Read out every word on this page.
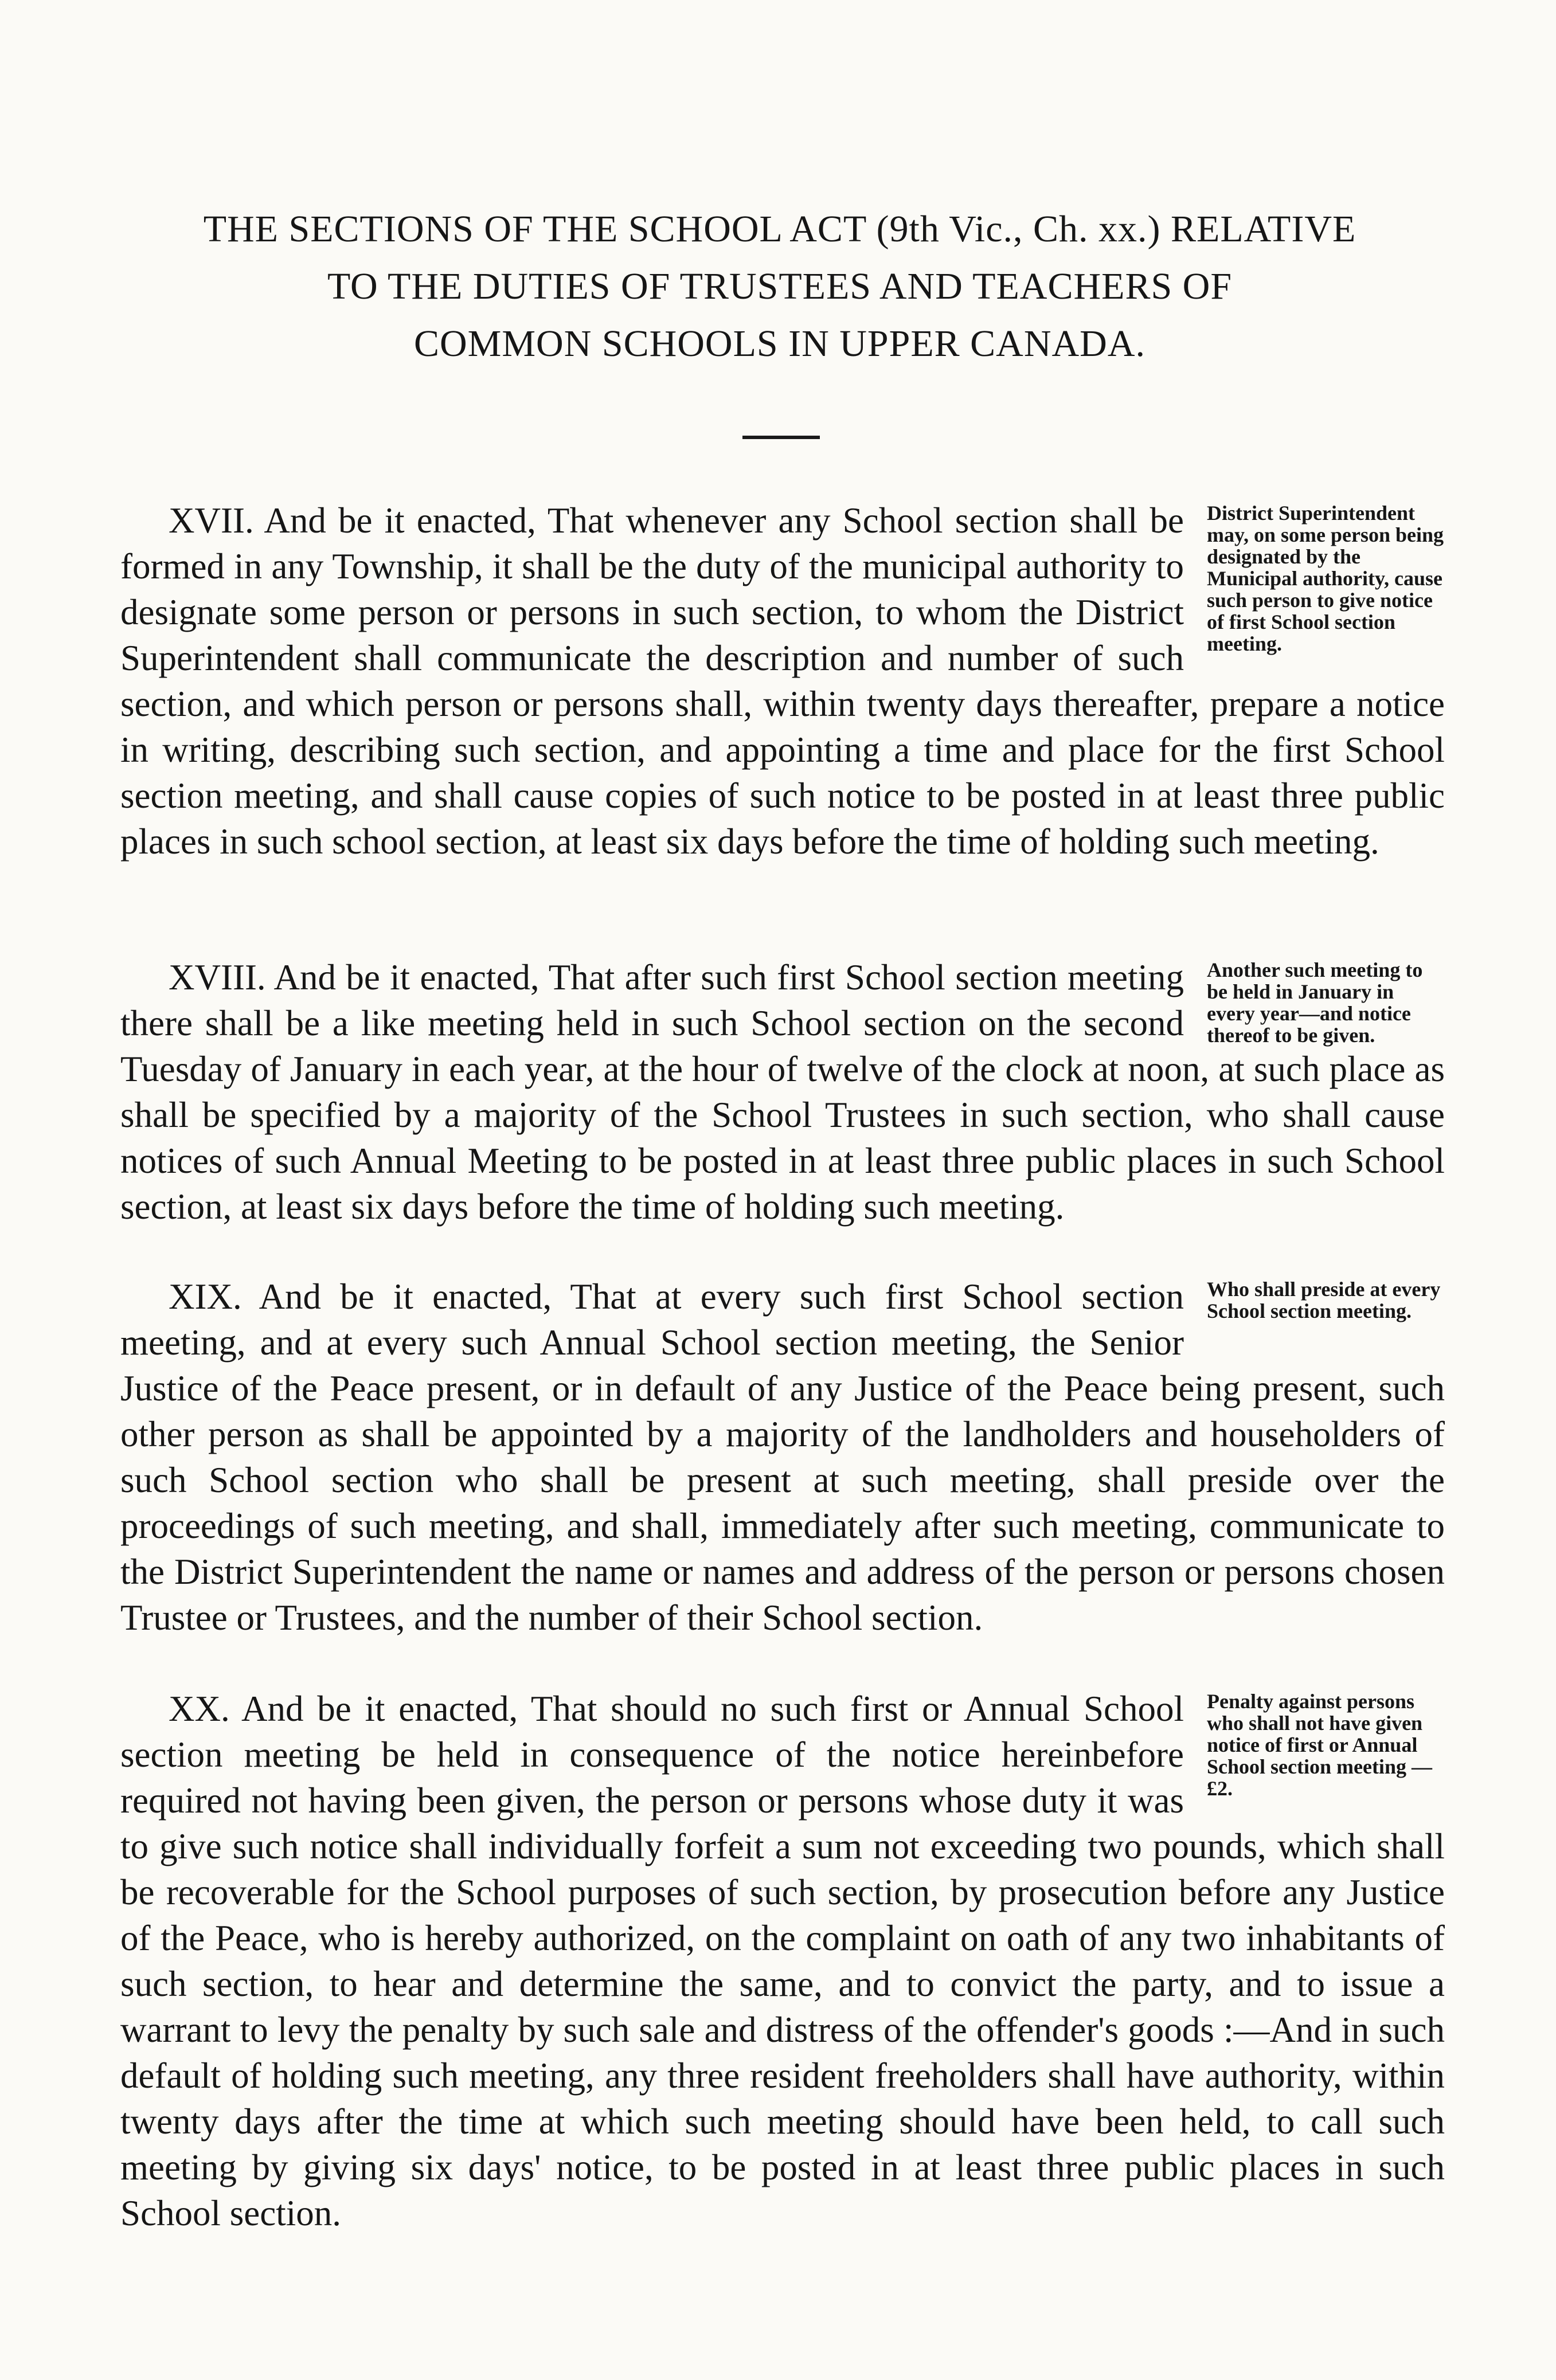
THE SECTIONS OF THE SCHOOL ACT (9th Vic., Ch. xx.) RELATIVE
TO THE DUTIES OF TRUSTEES AND TEACHERS OF
COMMON SCHOOLS IN UPPER CANADA.
District Superintendent may, on some person being designated by the Municipal authority, cause such person to give notice of first School section meeting.

XVII. And be it enacted, That whenever any School section shall be formed in any Township, it shall be the duty of the municipal authority to designate some person or persons in such section, to whom the District Superintendent shall communicate the description and number of such section, and which person or persons shall, within twenty days thereafter, prepare a notice in writing, describing such section, and appointing a time and place for the first School section meeting, and shall cause copies of such notice to be posted in at least three public places in such school section, at least six days before the time of holding such meeting.

Another such meeting to be held in January in every year—and notice thereof to be given.

XVIII. And be it enacted, That after such first School section meeting there shall be a like meeting held in such School section on the second Tuesday of January in each year, at the hour of twelve of the clock at noon, at such place as shall be specified by a majority of the School Trustees in such section, who shall cause notices of such Annual Meeting to be posted in at least three public places in such School section, at least six days before the time of holding such meeting.

Who shall preside at every School section meeting.

XIX. And be it enacted, That at every such first School section meeting, and at every such Annual School section meeting, the Senior Justice of the Peace present, or in default of any Justice of the Peace being present, such other person as shall be appointed by a majority of the landholders and householders of such School section who shall be present at such meeting, shall preside over the proceedings of such meeting, and shall, immediately after such meeting, communicate to the District Superintendent the name or names and address of the person or persons chosen Trustee or Trustees, and the number of their School section.

Penalty against persons who shall not have given notice of first or Annual School section meeting —£2.

XX. And be it enacted, That should no such first or Annual School section meeting be held in consequence of the notice hereinbefore required not having been given, the person or persons whose duty it was to give such notice shall individually forfeit a sum not exceeding two pounds, which shall be recoverable for the School purposes of such section, by prosecution before any Justice of the Peace, who is hereby authorized, on the complaint on oath of any two inhabitants of such section, to hear and determine the same, and to convict the party, and to issue a warrant to levy the penalty by such sale and distress of the offender's goods :—And in such default of holding such meeting, any three resident freeholders shall have authority, within twenty days after the time at which such meeting should have been held, to call such meeting by giving six days' notice, to be posted in at least three public places in such School section.
